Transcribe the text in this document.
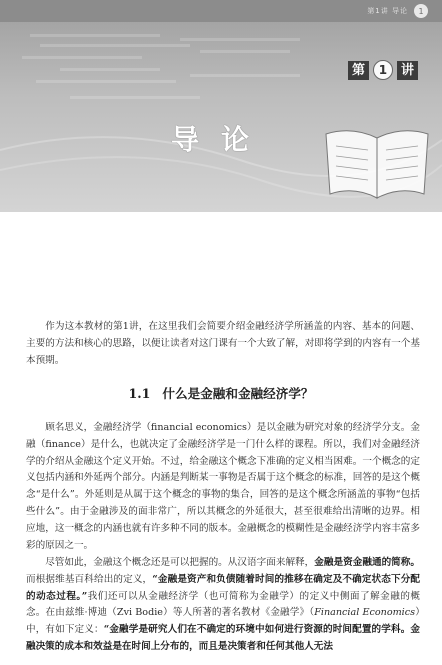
第1讲 导论	1
第	1	讲
导论

作为这本教材的第1讲，在这里我们会简要介绍金融经济学所涵盖的内容、基本的问题、主要的方法和核心的思路，以便让读者对这门课有一个大致了解，对即将学到的内容有一个基本预期。

1.1 什么是金融和金融经济学？

顾名思义，金融经济学（financial economics）是以金融为研究对象的经济学分支。金融（finance）是什么，也就决定了金融经济学是一门什么样的课程。所以，我们对金融经济学的介绍从金融这个定义开始。不过，给金融这个概念下准确的定义相当困难。一个概念的定义包括内涵和外延两个部分。内涵是判断某一事物是否属于这个概念的标准，回答的是这个概念“是什么”。外延则是从属于这个概念的事物的集合，回答的是这个概念所涵盖的事物“包括些什么”。由于金融涉及的面非常广，所以其概念的外延很大，甚至很难给出清晰的边界。相应地，这一概念的内涵也就有许多种不同的版本。金融概念的模糊性是金融经济学内容丰富多彩的原因之一。

尽管如此，金融这个概念还是可以把握的。从汉语字面来解释，金融是资金融通的简称。而根据维基百科给出的定义，“金融是资产和负债随着时间的推移在确定及不确定状态下分配的动态过程。”我们还可以从金融经济学（也可简称为金融学）的定义中侧面了解金融的概念。在由兹维·博迪（Zvi Bodie）等人所著的著名教材《金融学》（Financial Economics）中，有如下定义：“金融学是研究人们在不确定的环境中如何进行资源的时间配置的学科。金融决策的成本和效益是在时间上分布的，而且是决策者和任何其他人无法
